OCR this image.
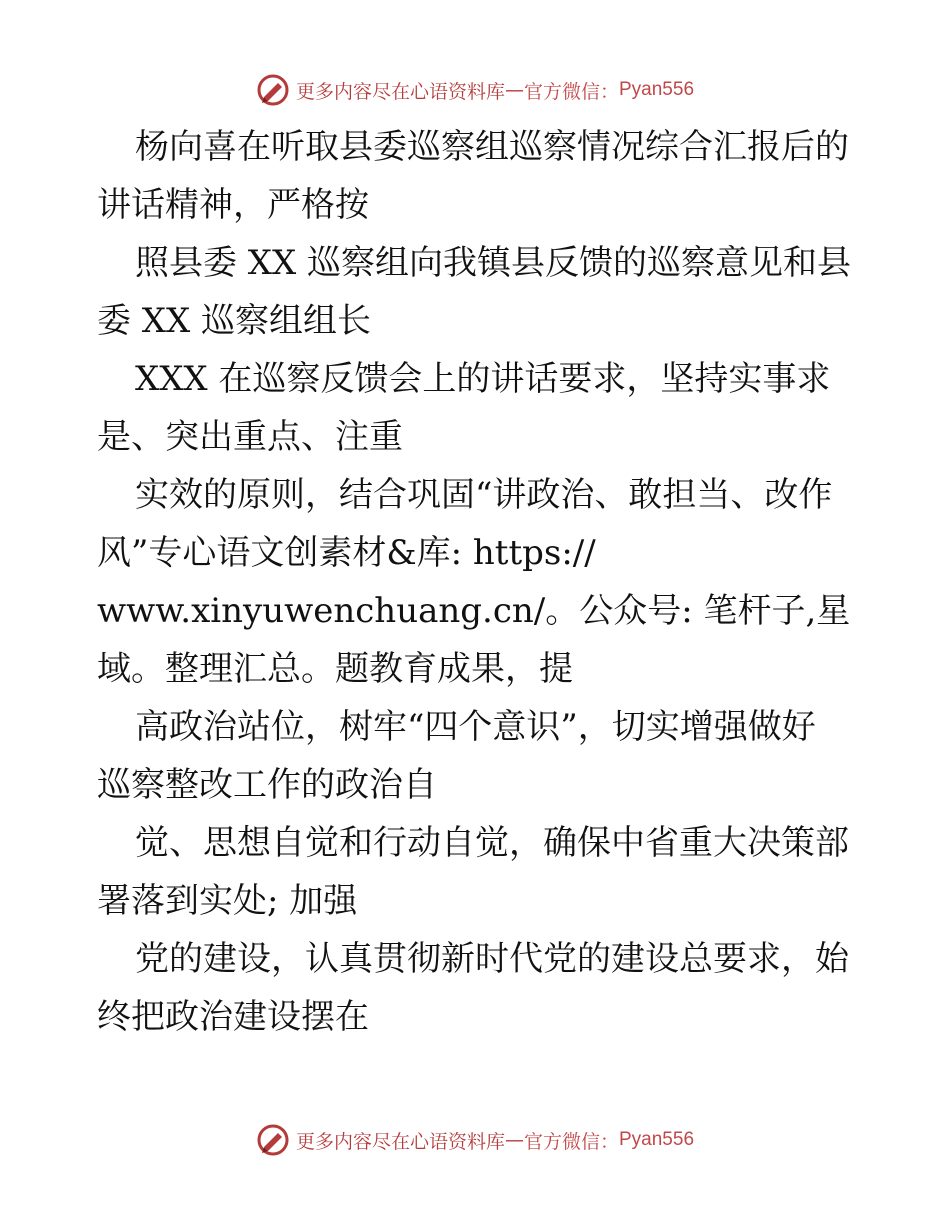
更多内容尽在心语资料库 — 官方微信： Pyan556

杨向喜在听取县委巡察组巡察情况综合汇报后的

讲话精神，严格按

照县委 XX 巡察组向我镇县反馈的巡察意见和县

委 XX 巡察组组长

XXX 在巡察反馈会上的讲话要求，坚持实事求

是、突出重点、注重

实效的原则，结合巩固“讲政治、敢担当、改作

风”专心语文创素材&库: https://

www.xinyuwenchuang.cn/。公众号: 笔杆子,星

域。整理汇总。题教育成果，提

高政治站位，树牢“四个意识”，切实增强做好

巡察整改工作的政治自

觉、思想自觉和行动自觉，确保中省重大决策部

署落到实处; 加强

党的建设，认真贯彻新时代党的建设总要求，始

终把政治建设摆在

更多内容尽在心语资料库 — 官方微信： Pyan556
